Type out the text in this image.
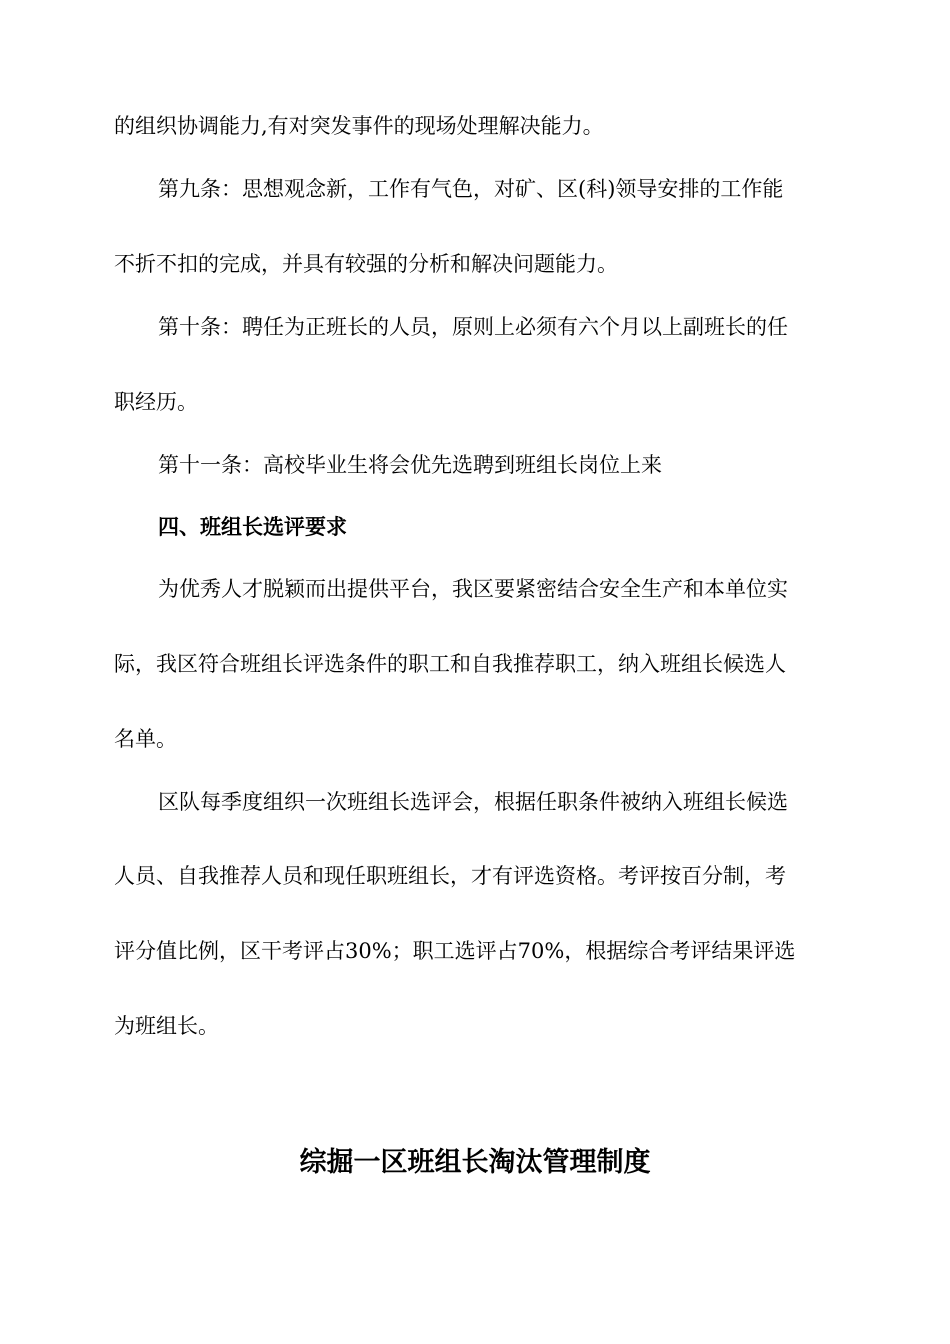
的组织协调能力,有对突发事件的现场处理解决能力。

第九条：思想观念新，工作有气色，对矿、区(科)领导安排的工作能

不折不扣的完成，并具有较强的分析和解决问题能力。

第十条：聘任为正班长的人员，原则上必须有六个月以上副班长的任

职经历。

第十一条：高校毕业生将会优先选聘到班组长岗位上来

四、班组长选评要求

为优秀人才脱颖而出提供平台，我区要紧密结合安全生产和本单位实

际，我区符合班组长评选条件的职工和自我推荐职工，纳入班组长候选人

名单。

区队每季度组织一次班组长选评会，根据任职条件被纳入班组长候选

人员、自我推荐人员和现任职班组长，才有评选资格。考评按百分制，考

评分值比例，区干考评占30%；职工选评占70%，根据综合考评结果评选

为班组长。

综掘一区班组长淘汰管理制度
